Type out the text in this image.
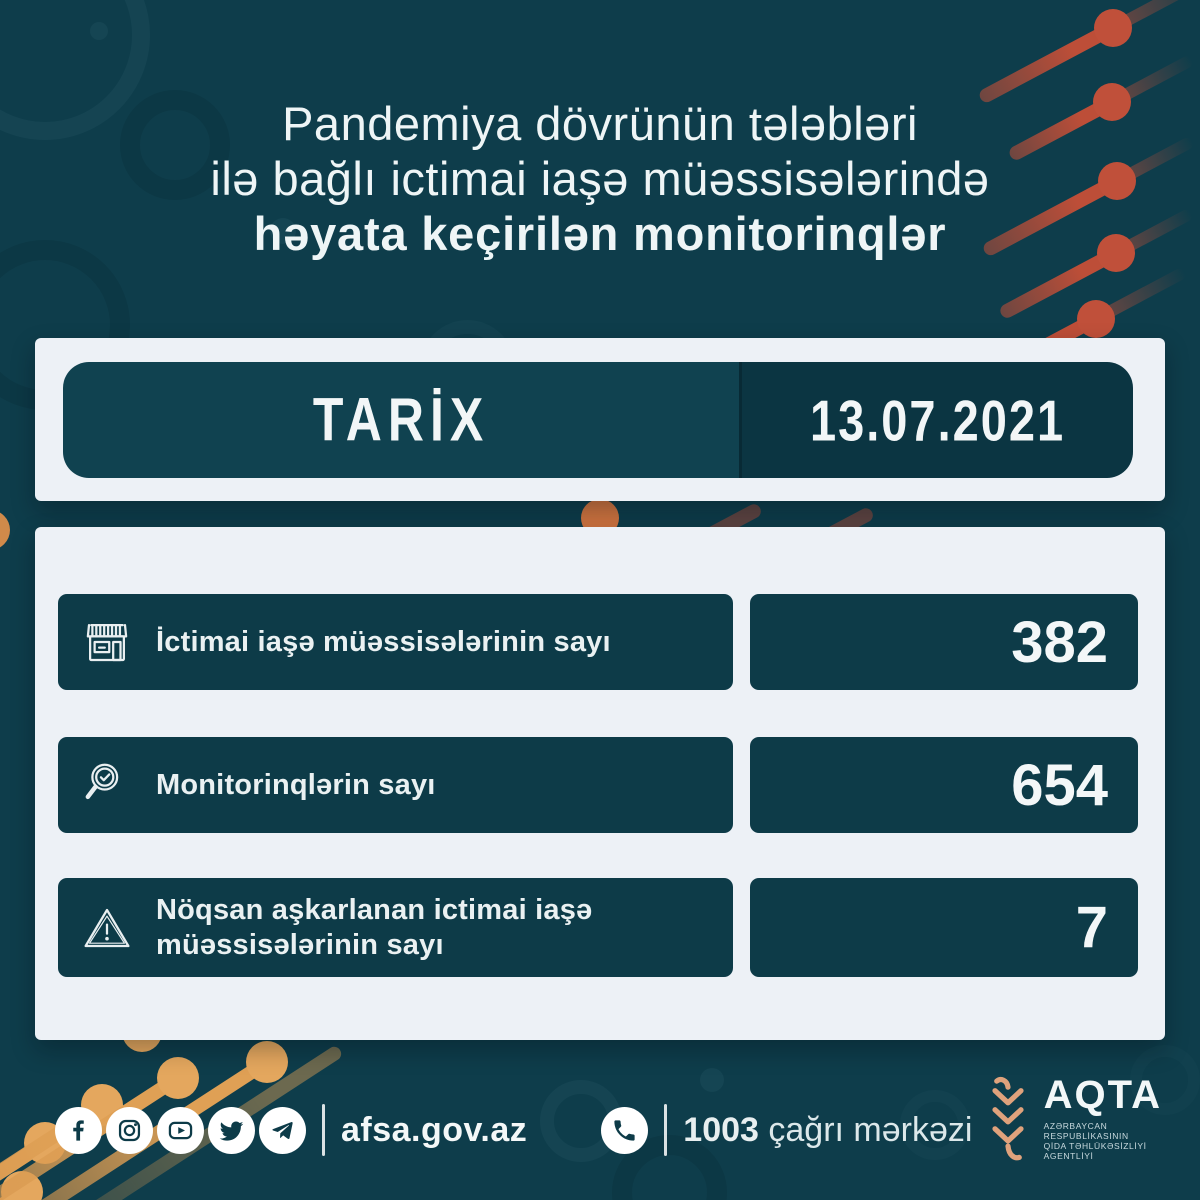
Pandemiya dövrünün tələbləri
ilə bağlı ictimai iaşə müəssisələrində
həyata keçirilən monitorinqlər
TARİX	13.07.2021
İctimai iaşə müəssisələrinin sayı	382
Monitorinqlərin sayı	654
Nöqsan aşkarlanan ictimai iaşə müəssisələrinin sayı	7
afsa.gov.az	1003 çağrı mərkəzi
AQTA
AZƏRBAYCAN
RESPUBLİKASININ
QİDA TƏHLÜKƏSİZLİYİ
AGENTLİYİ
